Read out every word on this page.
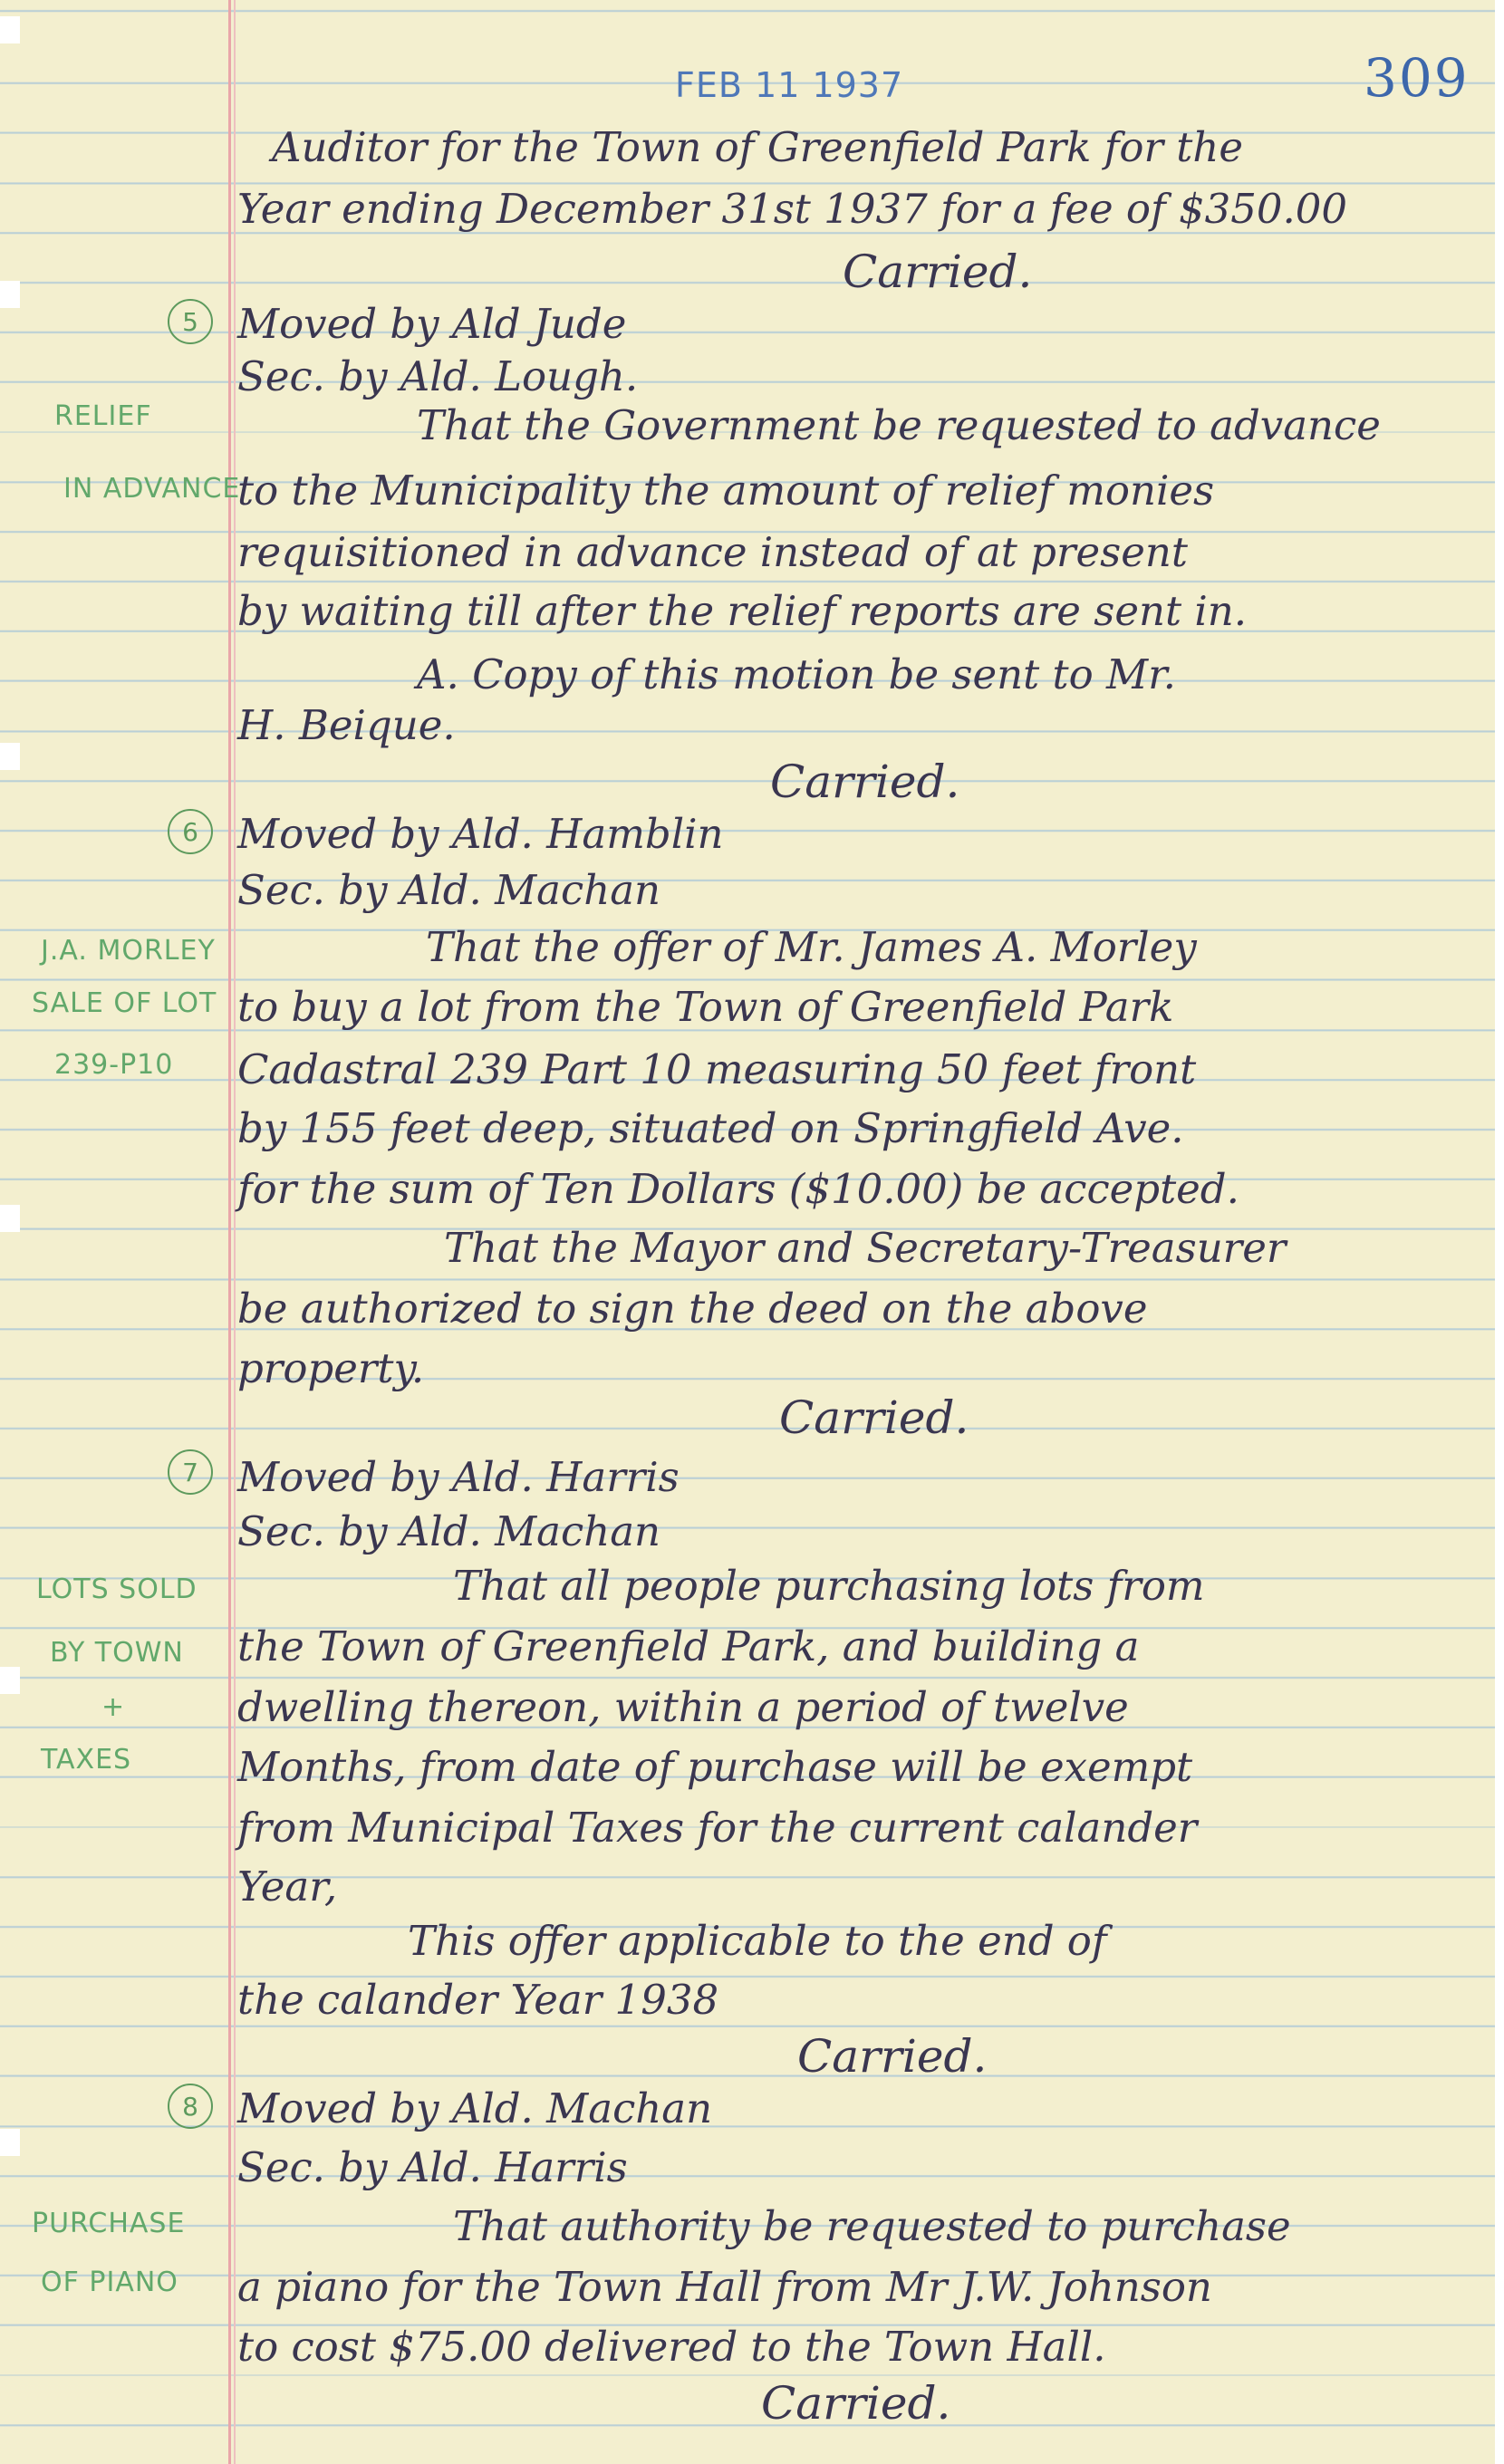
FEB 11 1937	309
Auditor for the Town of Greenfield Park for the
Year ending December 31st 1937 for a fee of $350.00
Carried.
5 Moved by Ald Jude
Sec. by Ald. Lough.
That the Government be requested to advance
to the Municipality the amount of relief monies
requisitioned in advance instead of at present
by waiting till after the relief reports are sent in.
A. Copy of this motion be sent to Mr.
H. Beique.
Carried.
RELIEF
IN ADVANCE
6 Moved by Ald. Hamblin
Sec. by Ald. Machan
That the offer of Mr. James A. Morley
to buy a lot from the Town of Greenfield Park
Cadastral 239 Part 10 measuring 50 feet front
by 155 feet deep, situated on Springfield Ave.
for the sum of Ten Dollars ($10.00) be accepted.
That the Mayor and Secretary-Treasurer
be authorized to sign the deed on the above
property.
Carried.
J.A. MORLEY
SALE OF LOT
239-P10
7 Moved by Ald. Harris
Sec. by Ald. Machan
That all people purchasing lots from
the Town of Greenfield Park, and building a
dwelling thereon, within a period of twelve
Months, from date of purchase will be exempt
from Municipal Taxes for the current calander
Year,
This offer applicable to the end of
the calander Year 1938
Carried.
LOTS SOLD
BY TOWN
+
TAXES
8 Moved by Ald. Machan
Sec. by Ald. Harris
That authority be requested to purchase
a piano for the Town Hall from Mr J.W. Johnson
to cost $75.00 delivered to the Town Hall.
Carried.
PURCHASE
OF PIANO
